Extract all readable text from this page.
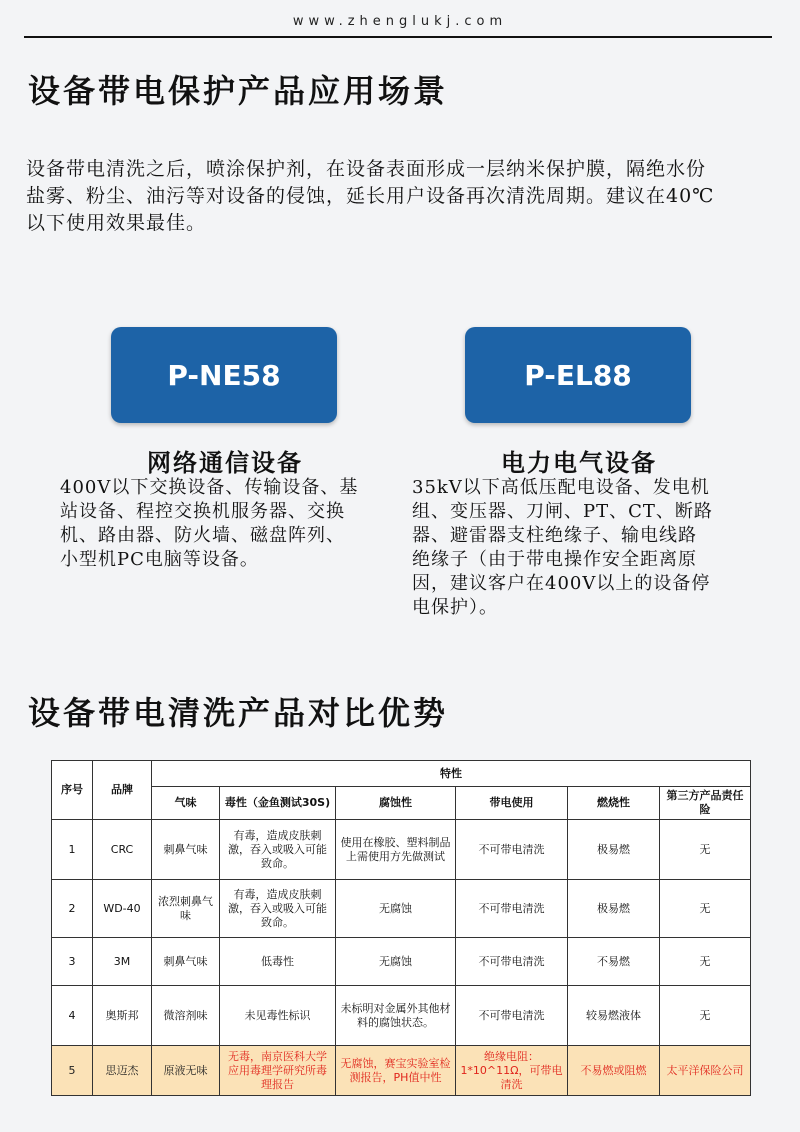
www.zhenglukj.com
设备带电保护产品应用场景
设备带电清洗之后，喷涂保护剂，在设备表面形成一层纳米保护膜，隔绝水份
盐雾、粉尘、油污等对设备的侵蚀，延长用户设备再次清洗周期。建议在40℃
以下使用效果最佳。
P-NE58	P-EL88
网络通信设备	电力电气设备
400V以下交换设备、传输设备、基
站设备、程控交换机服务器、交换
机、路由器、防火墙、磁盘阵列、
小型机PC电脑等设备。
35kV以下高低压配电设备、发电机
组、变压器、刀闸、PT、CT、断路
器、避雷器支柱绝缘子、输电线路
绝缘子（由于带电操作安全距离原
因，建议客户在400V以上的设备停
电保护）。
设备带电清洗产品对比优势
序号	品牌	特性					
		气味	毒性（金鱼测试30S)	腐蚀性	带电使用	燃烧性	第三方产品责任险
1	CRC	刺鼻气味	有毒，造成皮肤刺激，吞入或吸入可能致命。	使用在橡胶、塑料制品上需使用方先做测试	不可带电清洗	极易燃	无
2	WD-40	浓烈刺鼻气味	有毒，造成皮肤刺激，吞入或吸入可能致命。	无腐蚀	不可带电清洗	极易燃	无
3	3M	刺鼻气味	低毒性	无腐蚀	不可带电清洗	不易燃	无
4	奥斯邦	微溶剂味	未见毒性标识	未标明对金属外其他材料的腐蚀状态。	不可带电清洗	较易燃液体	无
5	思迈杰	原液无味	无毒，南京医科大学应用毒理学研究所毒理报告	无腐蚀，赛宝实验室检测报告，PH值中性	绝缘电阻：1*10^11Ω，可带电清洗	不易燃或阻燃	太平洋保险公司
